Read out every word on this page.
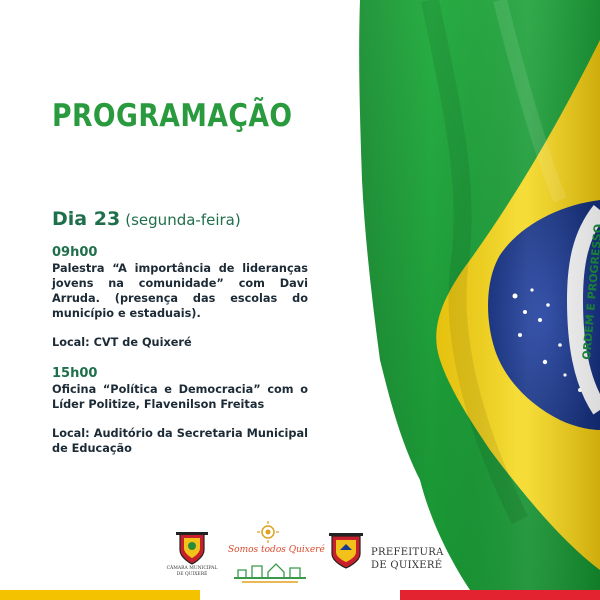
PROGRAMAÇÃO
Dia 23 (segunda-feira)
09h00
Palestra “A importância de lideranças jovens na comunidade” com Davi Arruda. (presença das escolas do município e estaduais).
Local: CVT de Quixeré
15h00
Oficina “Política e Democracia” com o Líder Politize, Flavenilson Freitas
Local: Auditório da Secretaria Municipal de Educação
CÂMARA MUNICIPAL DE QUIXERÉ
Somos todos Quixeré	PREFEITURA
DE QUIXERÉ
